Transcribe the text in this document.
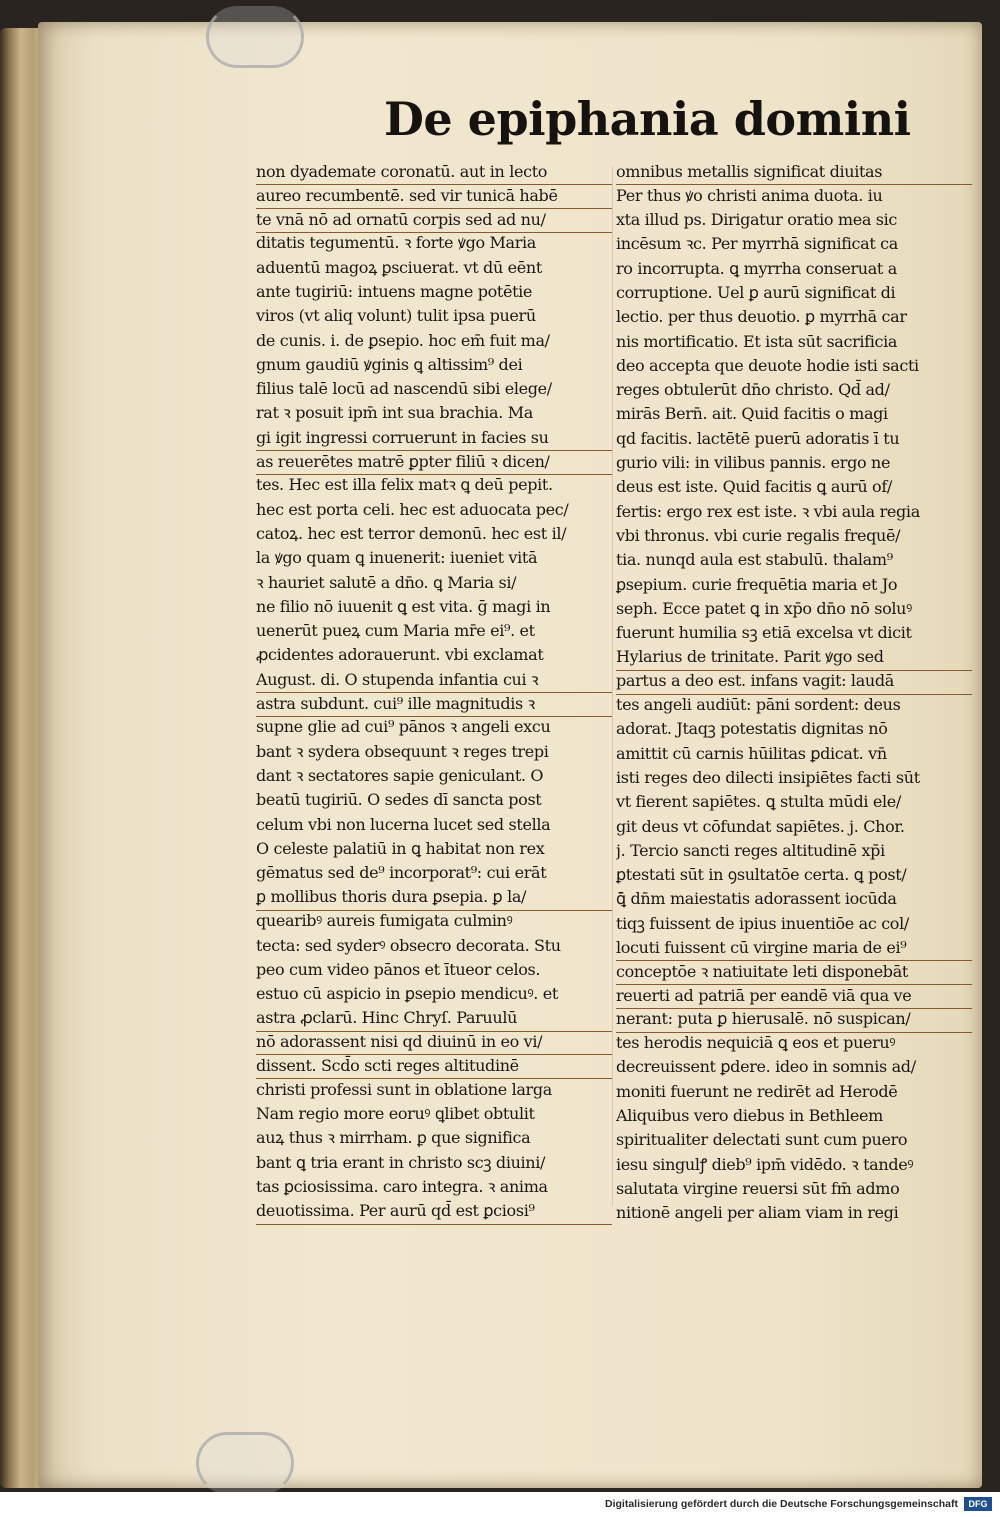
De epiphania domini
non dyademate coronatū. aut in lecto
aureo recumbentē. sed vir tunicā habē
te vnā nō ad ornatū corpis sed ad nu/
ditatis tegumentū. ꝛ forte ꝟgo Maria
aduentū magoꝝ ꝑsciuerat. vt dū eēnt
ante tugiriū: intuens magne potētie
viros (vt aliq volunt) tulit ipsa puerū
de cunis. i. de ꝑsepio. hoc em̄ fuit ma/
gnum gaudiū ꝟginis ꝗ altissim⁹ dei
filius talē locū ad nascendū sibi elege/
rat ꝛ posuit ipm̄ int sua brachia. Ma
gi igit ingressi corruerunt in facies su
as reuerētes matrē ꝑpter filiū ꝛ dicen/
tes. Hec est illa felix matꝛ ꝗ deū pepit.
hec est porta celi. hec est aduocata pec/
catoꝝ. hec est terror demonū. hec est il/
la ꝟgo quam ꝗ inuenerit: iueniet vitā
ꝛ hauriet salutē a dn̄o. ꝗ Maria si/
ne filio nō iuuenit ꝗ est vita. ḡ magi in
uenerūt pueꝝ cum Maria mr̄e ei⁹. et
ꝓcidentes adorauerunt. vbi exclamat
August. di. O stupenda infantia cui ꝛ
astra subdunt. cui⁹ ille magnitudis ꝛ
supne glie ad cui⁹ pānos ꝛ angeli excu
bant ꝛ sydera obsequunt ꝛ reges trepi
dant ꝛ sectatores sapie geniculant. O
beatū tugiriū. O sedes dī sancta post
celum vbi non lucerna lucet sed stella
O celeste palatiū in ꝗ habitat non rex
gēmatus sed de⁹ incorporat⁹: cui erāt
ꝑ mollibus thoris dura ꝑsepia. ꝑ la/
quearibꝰ aureis fumigata culminꝰ
tecta: sed syderꝰ obsecro decorata. Stu
peo cum video pānos et ītueor celos.
estuo cū aspicio in ꝑsepio mendicuꝰ. et
astra ꝓclarū. Hinc Chryſ. Paruulū
nō adorassent nisi qd diuinū in eo vi/
dissent. Scd̄o scti reges altitudinē
christi professi sunt in oblatione larga
Nam regio more eoruꝰ ꝗlibet obtulit
auꝝ thus ꝛ mirrham. ꝑ que significa
bant ꝗ tria erant in christo scꝫ diuini/
tas ꝑciosissima. caro integra. ꝛ anima
deuotissima. Per aurū qd̄ est ꝑciosi⁹
omnibus metallis significat diuitas
Per thus ꝟo christi anima duota. iu
xta illud ps. Dirigatur oratio mea sic
incēsum ꝛc. Per myrrhā significat ca
ro incorrupta. ꝗ myrrha conseruat a
corruptione. Uel ꝑ aurū significat di
lectio. per thus deuotio. ꝑ myrrhā car
nis mortificatio. Et ista sūt sacrificia
deo accepta que deuote hodie isti sacti
reges obtulerūt dn̄o christo. Qd̄ ad/
mirās Bern̄. ait. Quid facitis o magi
qd facitis. lactētē puerū adoratis ī tu
gurio vili: in vilibus pannis. ergo ne
deus est iste. Quid facitis ꝗ aurū of/
fertis: ergo rex est iste. ꝛ vbi aula regia
vbi thronus. vbi curie regalis frequē/
tia. nunqd aula est stabulū. thalam⁹
ꝑsepium. curie frequētia maria et Jo
seph. Ecce patet ꝗ in xp̄o dn̄o nō soluꝰ
fuerunt humilia sꝫ etiā excelsa vt dicit
Hylarius de trinitate. Parit ꝟgo sed
partus a deo est. infans vagit: laudā
tes angeli audiūt: pāni sordent: deus
adorat. Jtaqꝫ potestatis dignitas nō
amittit cū carnis hūilitas ꝑdicat. vn̄
isti reges deo dilecti insipiētes facti sūt
vt fierent sapiētes. ꝗ stulta mūdi ele/
git deus vt cōfundat sapiētes. j. Chor.
j. Tercio sancti reges altitudinē xp̄i
ꝑtestati sūt in ꝯsultatōe certa. ꝗ post/
ꝗ̄ dn̄m maiestatis adorassent iocūda
tiqꝫ fuissent de ipius inuentiōe ac col/
locuti fuissent cū virgine maria de ei⁹
conceptōe ꝛ natiuitate leti disponebāt
reuerti ad patriā per eandē viā qua ve
nerant: puta ꝑ hierusalē. nō suspican/
tes herodis nequiciā ꝗ eos et pueruꝰ
decreuissent ꝑdere. ideo in somnis ad/
moniti fuerunt ne redirēt ad Herodē
Aliquibus vero diebus in Bethleem
spiritualiter delectati sunt cum puero
iesu singulꝭ dieb⁹ ipm̄ vidēdo. ꝛ tandeꝰ
salutata virgine reuersi sūt fm̄ admo
nitionē angeli per aliam viam in regi
Digitalisierung gefördert durch die Deutsche Forschungsgemeinschaft	DFG
